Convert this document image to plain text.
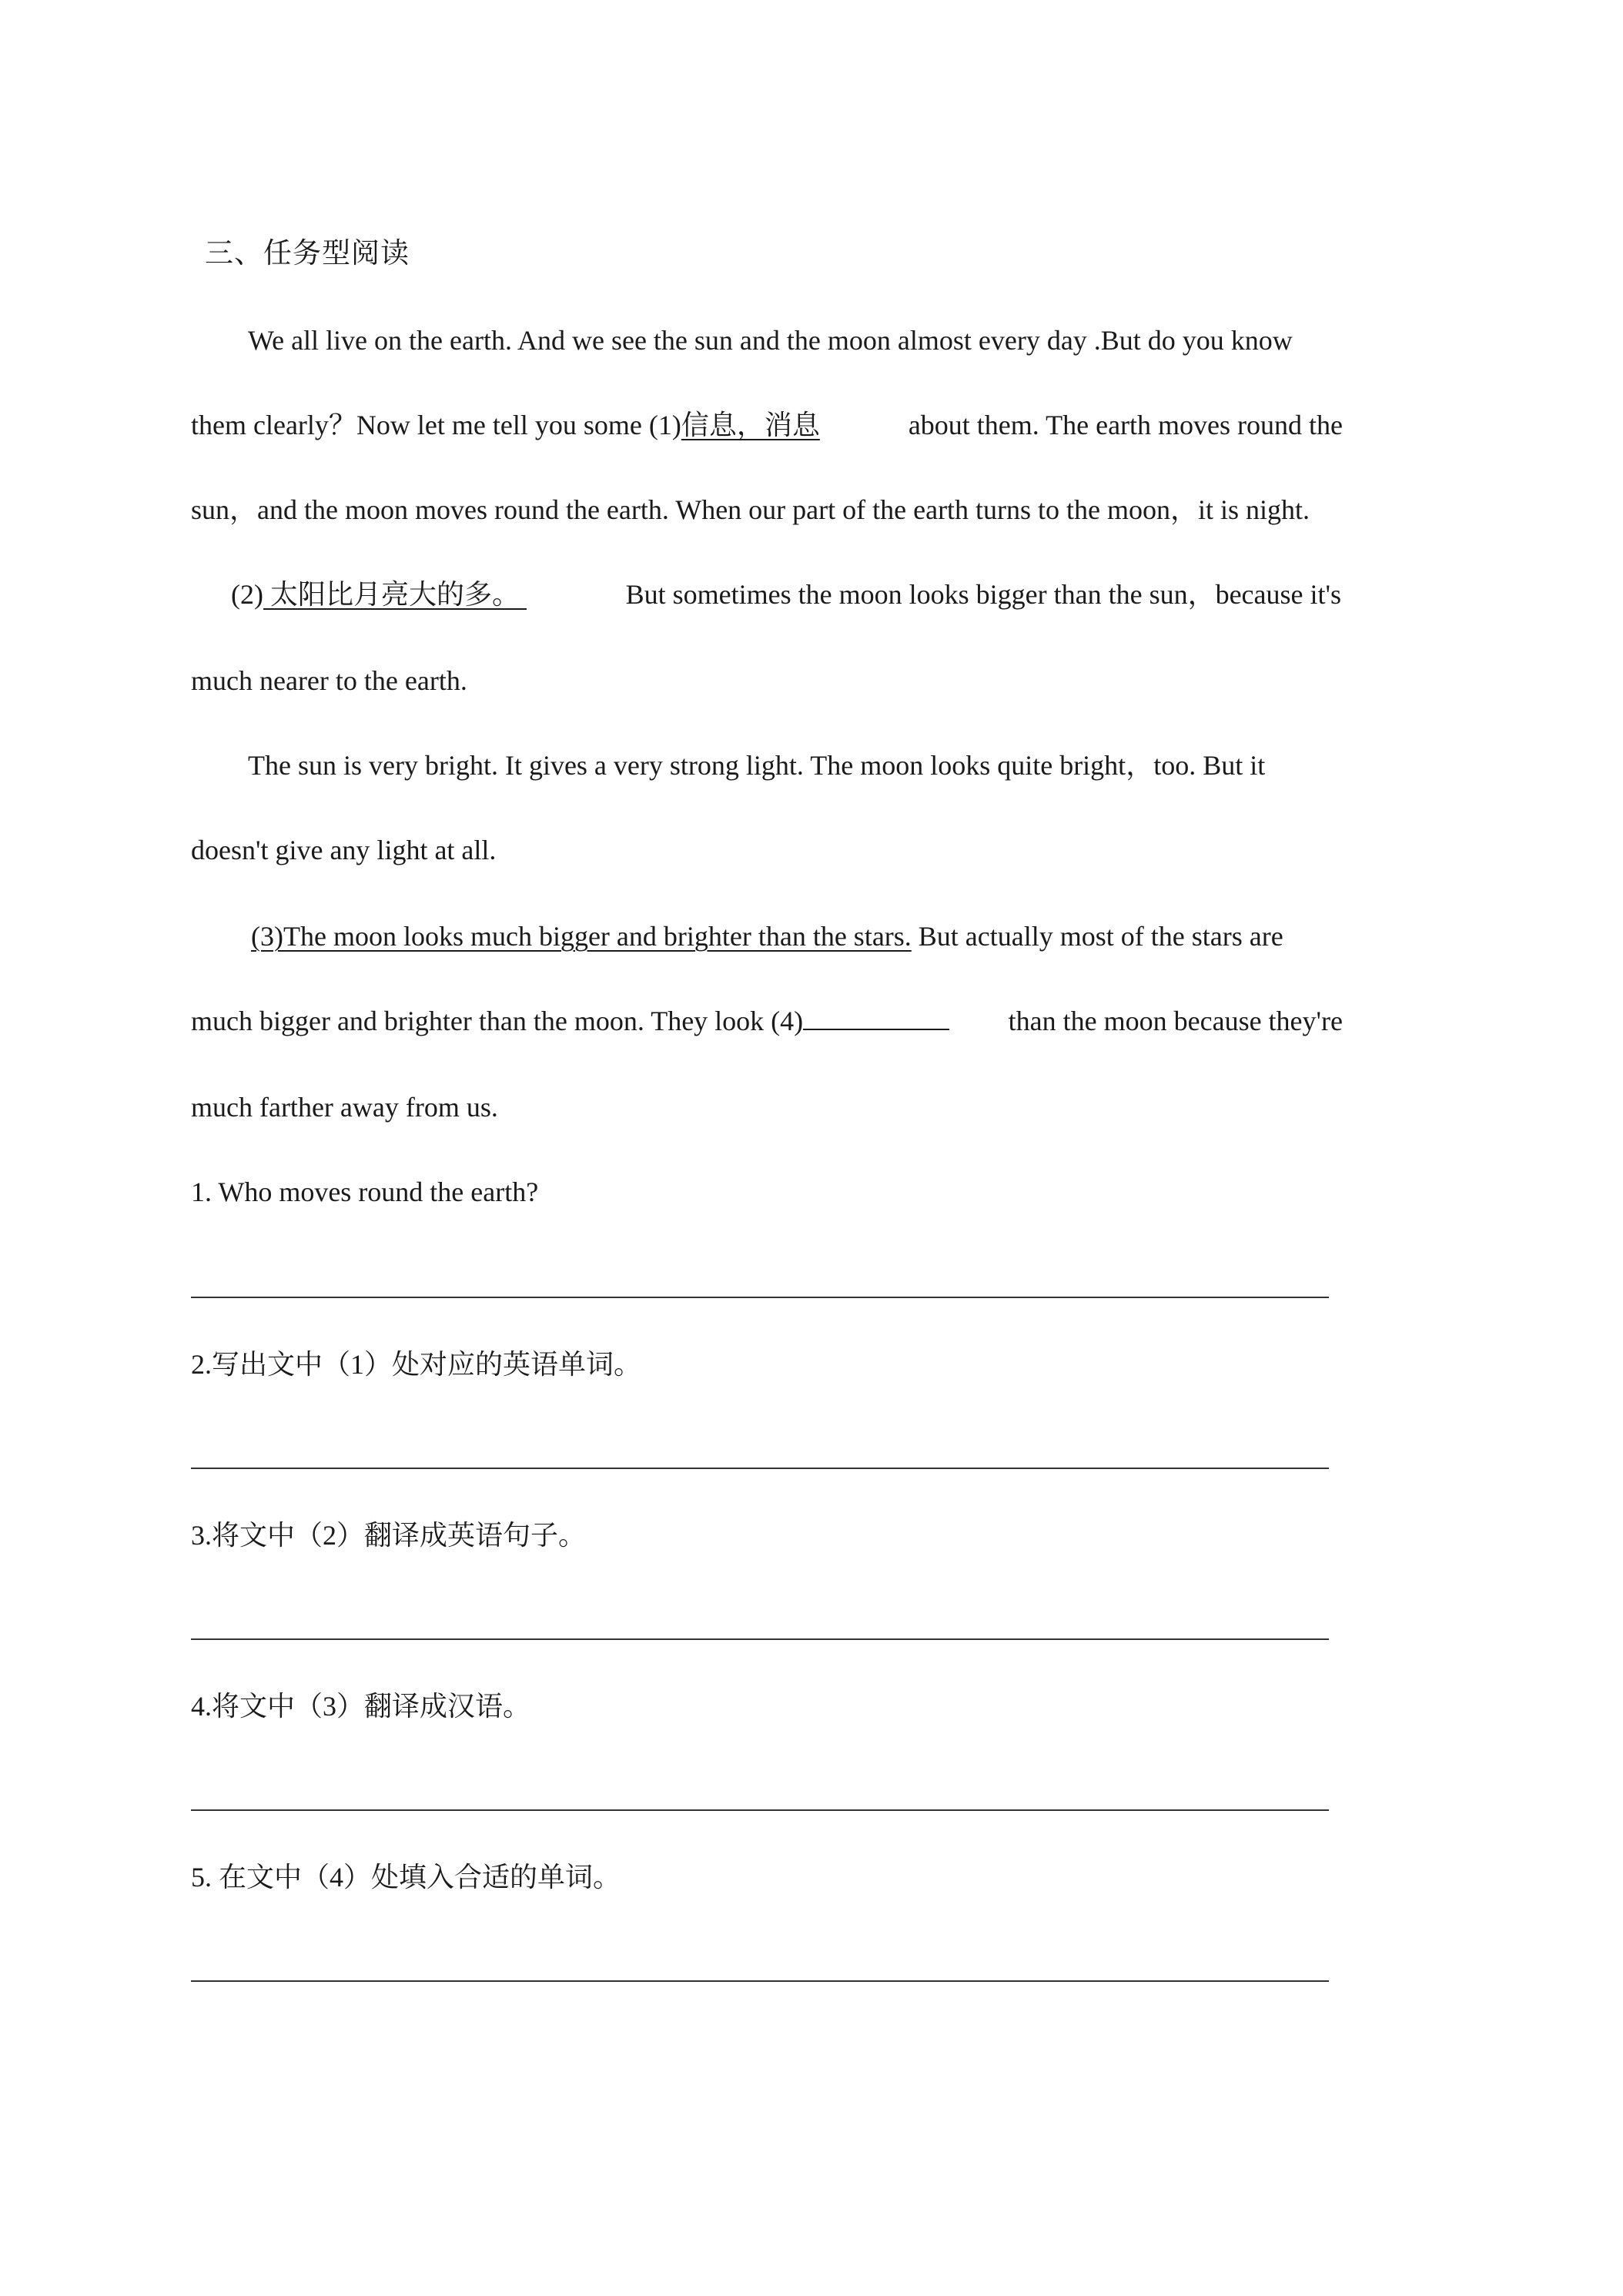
三、任务型阅读
We all live on the earth. And we see the sun and the moon almost every day .But do you know
them clearly？Now let me tell you some (1)信息，消息	about them. The earth moves round the
sun，and the moon moves round the earth. When our part of the earth turns to the moon，it is night.
(2) 太阳比月亮大的多。	But sometimes the moon looks bigger than the sun，because it's
much nearer to the earth.
The sun is very bright. It gives a very strong light. The moon looks quite bright，too. But it
doesn't give any light at all.
(3)The moon looks much bigger and brighter than the stars. But actually most of the stars are
much bigger and brighter than the moon. They look (4)	than the moon because they're
much farther away from us.
1. Who moves round the earth?
2.写出文中（1）处对应的英语单词。
3.将文中（2）翻译成英语句子。
4.将文中（3）翻译成汉语。
5. 在文中（4）处填入合适的单词。
